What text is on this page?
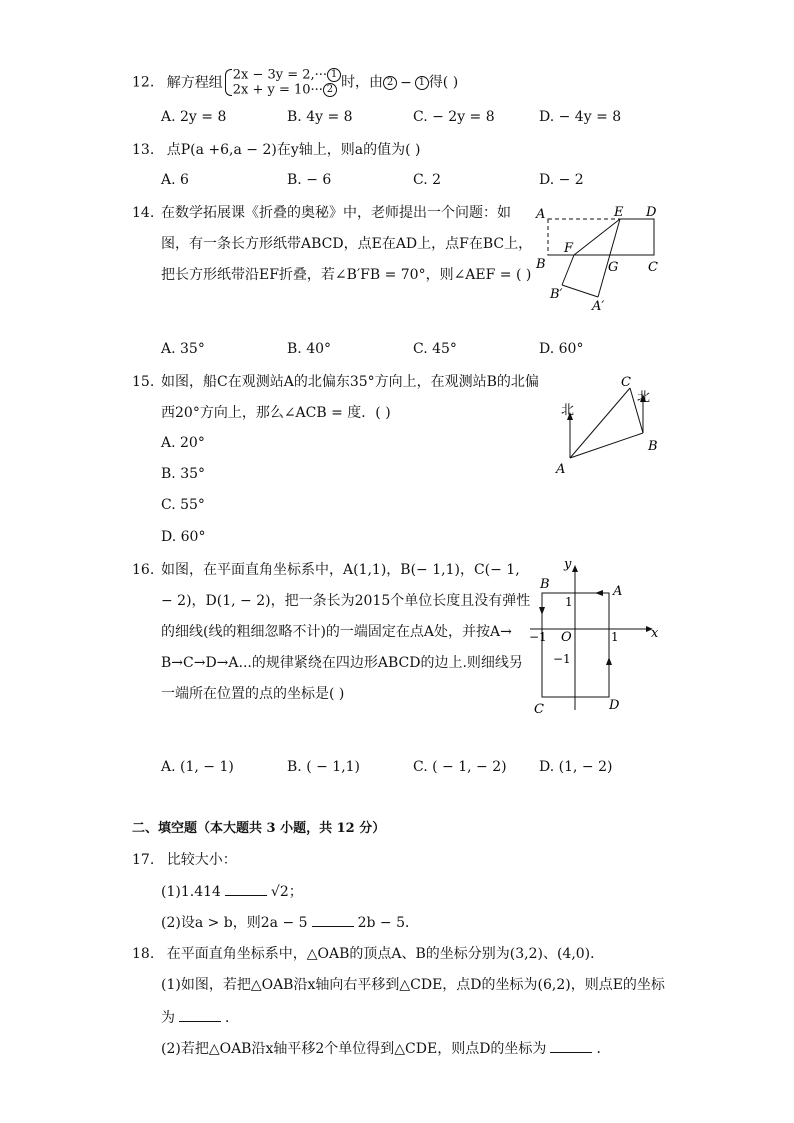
12. 解方程组 2x − 3y = 2,··· 1
2x + y = 10··· 2 时，由 2 − 1 得( )
A. 2y = 8	B. 4y = 8	C. − 2y = 8	D. − 4y = 8
13. 点P(a +6,a − 2)在y轴上，则a的值为( )
A. 6	B. − 6	C. 2	D. − 2
14. 在数学拓展课《折叠的奥秘》中，老师提出一个问题：如
图，有一条长方形纸带ABCD，点E在AD上，点F在BC上，
把长方形纸带沿EF折叠，若∠B′FB = 70°，则∠AEF = ( )
A	E D
F
B	G C
B′
A′
A. 35°	B. 40°	C. 45°	D. 60°
15. 如图，船C在观测站A的北偏东35°方向上，在观测站B的北偏
西20°方向上，那么∠ACB = 度．( )
A. 20°
B. 35°
C. 55°
D. 60°
北
北
C
A
B
16. 如图，在平面直角坐标系中，A(1,1)，B(− 1,1)，C(− 1,
− 2)，D(1, − 2)，把一条长为2015个单位长度且没有弹性
的细线(线的粗细忽略不计)的一端固定在点A处，并按A→
B→C→D→A...的规律紧绕在四边形ABCD的边上.则细线另
一端所在位置的点的坐标是( )
y
x
B	A
C	D
O
1
1
−1
−1
A. (1, − 1)	B. ( − 1,1)	C. ( − 1, − 2) D. (1, − 2)
二、填空题（本大题共 3 小题，共 12 分）
17. 比较大小：
(1)1.414	√2；
(2)设a > b，则2a − 5	2b − 5．
18. 在平面直角坐标系中，△OAB的顶点A、B的坐标分别为(3,2)、(4,0)．
(1)如图，若把△OAB沿x轴向右平移到△CDE，点D的坐标为(6,2)，则点E的坐标
为	．
(2)若把△OAB沿x轴平移2个单位得到△CDE，则点D的坐标为	．
